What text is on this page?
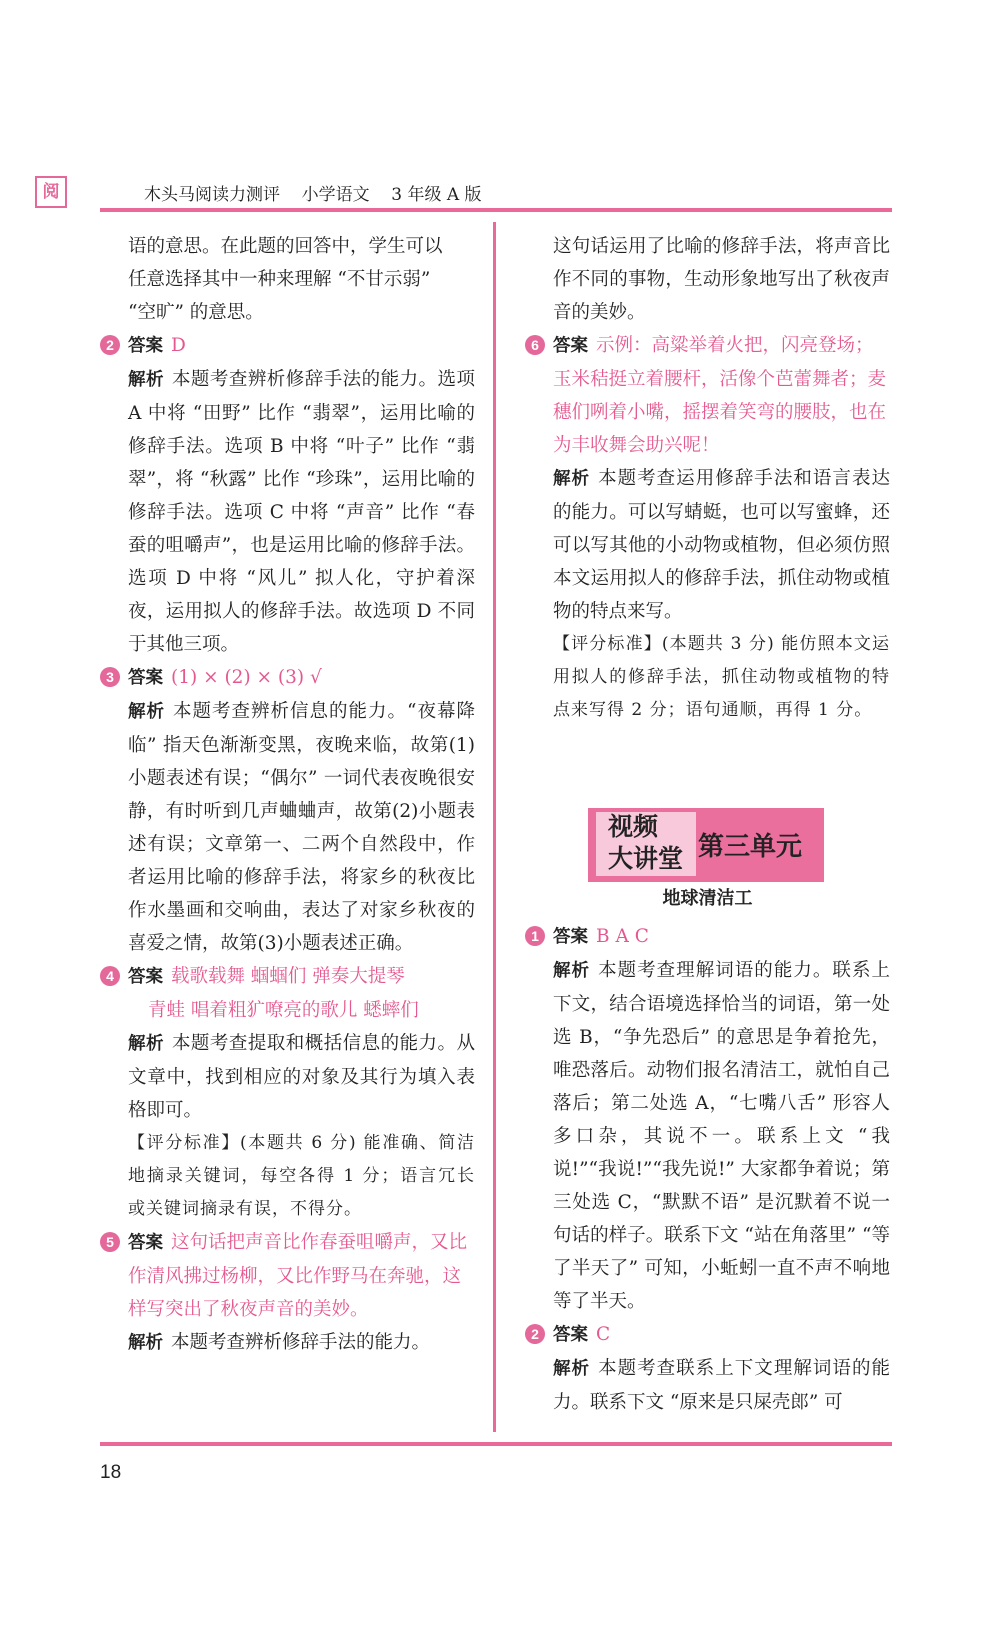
阅	木头马阅读力测评    小学语文    3 年级 A 版

语的意思。在此题的回答中，学生可以

任意选择其中一种来理解 “不甘示弱”

“空旷” 的意思。

2 答案 D

解析 本题考查辨析修辞手法的能力。选项 A 中将 “田野” 比作 “翡翠”，运用比喻的修辞手法。选项 B 中将 “叶子” 比作 “翡翠”，将 “秋露” 比作 “珍珠”，运用比喻的修辞手法。选项 C 中将 “声音” 比作 “春蚕的咀嚼声”，也是运用比喻的修辞手法。选项 D 中将 “风儿” 拟人化，守护着深夜，运用拟人的修辞手法。故选项 D 不同于其他三项。

3 答案 (1) × (2) × (3) √

解析 本题考查辨析信息的能力。“夜幕降临” 指天色渐渐变黑，夜晚来临，故第(1)小题表述有误；“偶尔” 一词代表夜晚很安静，有时听到几声蛐蛐声，故第(2)小题表述有误；文章第一、二两个自然段中，作者运用比喻的修辞手法，将家乡的秋夜比作水墨画和交响曲，表达了对家乡秋夜的喜爱之情，故第(3)小题表述正确。

4 答案 载歌载舞 蝈蝈们 弹奏大提琴

青蛙 唱着粗犷嘹亮的歌儿 蟋蟀们

解析 本题考查提取和概括信息的能力。从文章中，找到相应的对象及其行为填入表格即可。

【评分标准】(本题共 6 分) 能准确、简洁地摘录关键词，每空各得 1 分；语言冗长或关键词摘录有误，不得分。

5 答案 这句话把声音比作春蚕咀嚼声，又比作清风拂过杨柳，又比作野马在奔驰，这样写突出了秋夜声音的美妙。

解析 本题考查辨析修辞手法的能力。

这句话运用了比喻的修辞手法，将声音比作不同的事物，生动形象地写出了秋夜声音的美妙。

6 答案 示例：高粱举着火把，闪亮登场；玉米秸挺立着腰杆，活像个芭蕾舞者；麦穗们咧着小嘴，摇摆着笑弯的腰肢，也在为丰收舞会助兴呢！

解析 本题考查运用修辞手法和语言表达的能力。可以写蜻蜓，也可以写蜜蜂，还可以写其他的小动物或植物，但必须仿照本文运用拟人的修辞手法，抓住动物或植物的特点来写。

【评分标准】(本题共 3 分) 能仿照本文运用拟人的修辞手法，抓住动物或植物的特点来写得 2 分；语句通顺，再得 1 分。

视频
大讲堂 第三单元
地球清洁工
1 答案 B A C

解析 本题考查理解词语的能力。联系上下文，结合语境选择恰当的词语，第一处选 B，“争先恐后” 的意思是争着抢先，唯恐落后。动物们报名清洁工，就怕自己落后；第二处选 A，“七嘴八舌” 形容人多口杂，其说不一。联系上文 “我说!”“我说!”“我先说!” 大家都争着说；第三处选 C，“默默不语” 是沉默着不说一句话的样子。联系下文 “站在角落里” “等了半天了” 可知，小蚯蚓一直不声不响地等了半天。

2 答案 C

解析 本题考查联系上下文理解词语的能力。联系下文 “原来是只屎壳郎” 可

18
